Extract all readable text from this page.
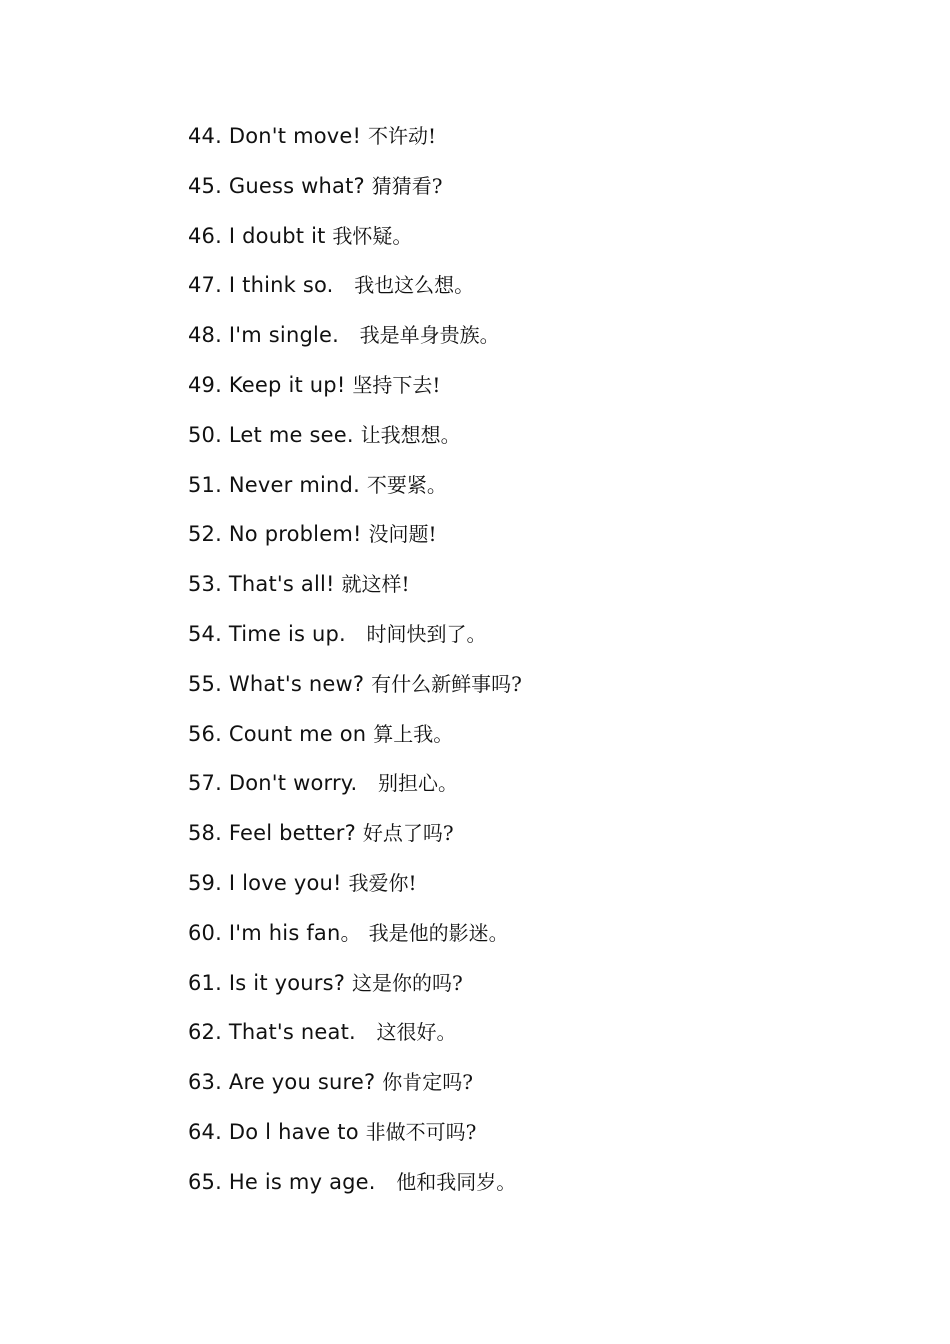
44. Don't move! 不许动!
45. Guess what? 猜猜看?
46. I doubt it 我怀疑。
47. I think so.   我也这么想。
48. I'm single.   我是单身贵族。
49. Keep it up! 坚持下去!
50. Let me see. 让我想想。
51. Never mind. 不要紧。
52. No problem! 没问题!
53. That's all! 就这样!
54. Time is up.   时间快到了。
55. What's new? 有什么新鲜事吗?
56. Count me on 算上我。
57. Don't worry.   别担心。
58. Feel better? 好点了吗?
59. I love you! 我爱你!
60. I'm his fan。 我是他的影迷。
61. Is it yours? 这是你的吗?
62. That's neat.   这很好。
63. Are you sure? 你肯定吗?
64. Do l have to 非做不可吗?
65. He is my age.   他和我同岁。
